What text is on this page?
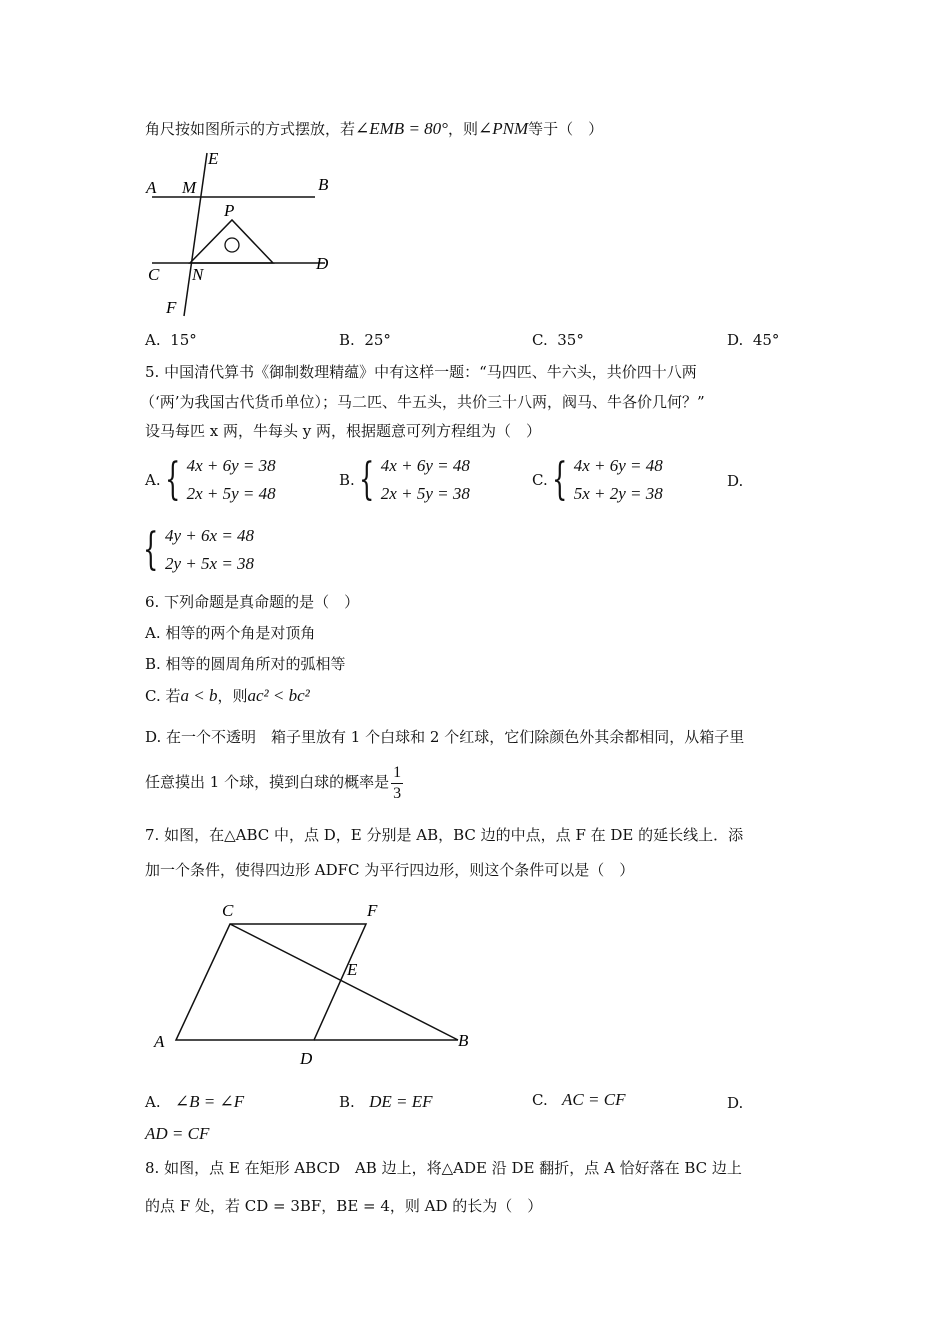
角尺按如图所示的方式摆放，若∠EMB = 80°，则∠PNM等于（　）
E
A M	B
P
C N
D
F
A. 15°	B. 25°	C. 35°	D. 45°
5. 中国清代算书《御制数理精蕴》中有这样一题：“马四匹、牛六头，共价四十八两
（‘两’为我国古代货币单位）；马二匹、牛五头，共价三十八两，阀马、牛各价几何？”
设马每匹 x 两，牛每头 y 两，根据题意可列方程组为（　）
A. { 4x + 6y = 38
2x + 5y = 48
B. { 4x + 6y = 48
2x + 5y = 38
C. { 4x + 6y = 48
5x + 2y = 38
D.
{ 4y + 6x = 48
2y + 5x = 38
6. 下列命题是真命题的是（　）
A. 相等的两个角是对顶角
B. 相等的圆周角所对的弧相等
C. 若a < b，则ac² < bc²
D. 在一个不透明　箱子里放有 1 个白球和 2 个红球，它们除颜色外其余都相同，从箱子里
任意摸出 1 个球，摸到白球的概率是 $\frac{1}{3}$
7. 如图，在△ABC 中，点 D，E 分别是 AB，BC 边的中点，点 F 在 DE 的延长线上．添
加一个条件，使得四边形 ADFC 为平行四边形，则这个条件可以是（　）
C	F
E
A
D
B
A. ∠B = ∠F	B. DE = EF	C. AC = CF	D.
AD = CF
8. 如图，点 E 在矩形 ABCD　AB 边上，将△ADE 沿 DE 翻折，点 A 恰好落在 BC 边上
的点 F 处，若 CD = 3BF，BE = 4，则 AD 的长为（　）
